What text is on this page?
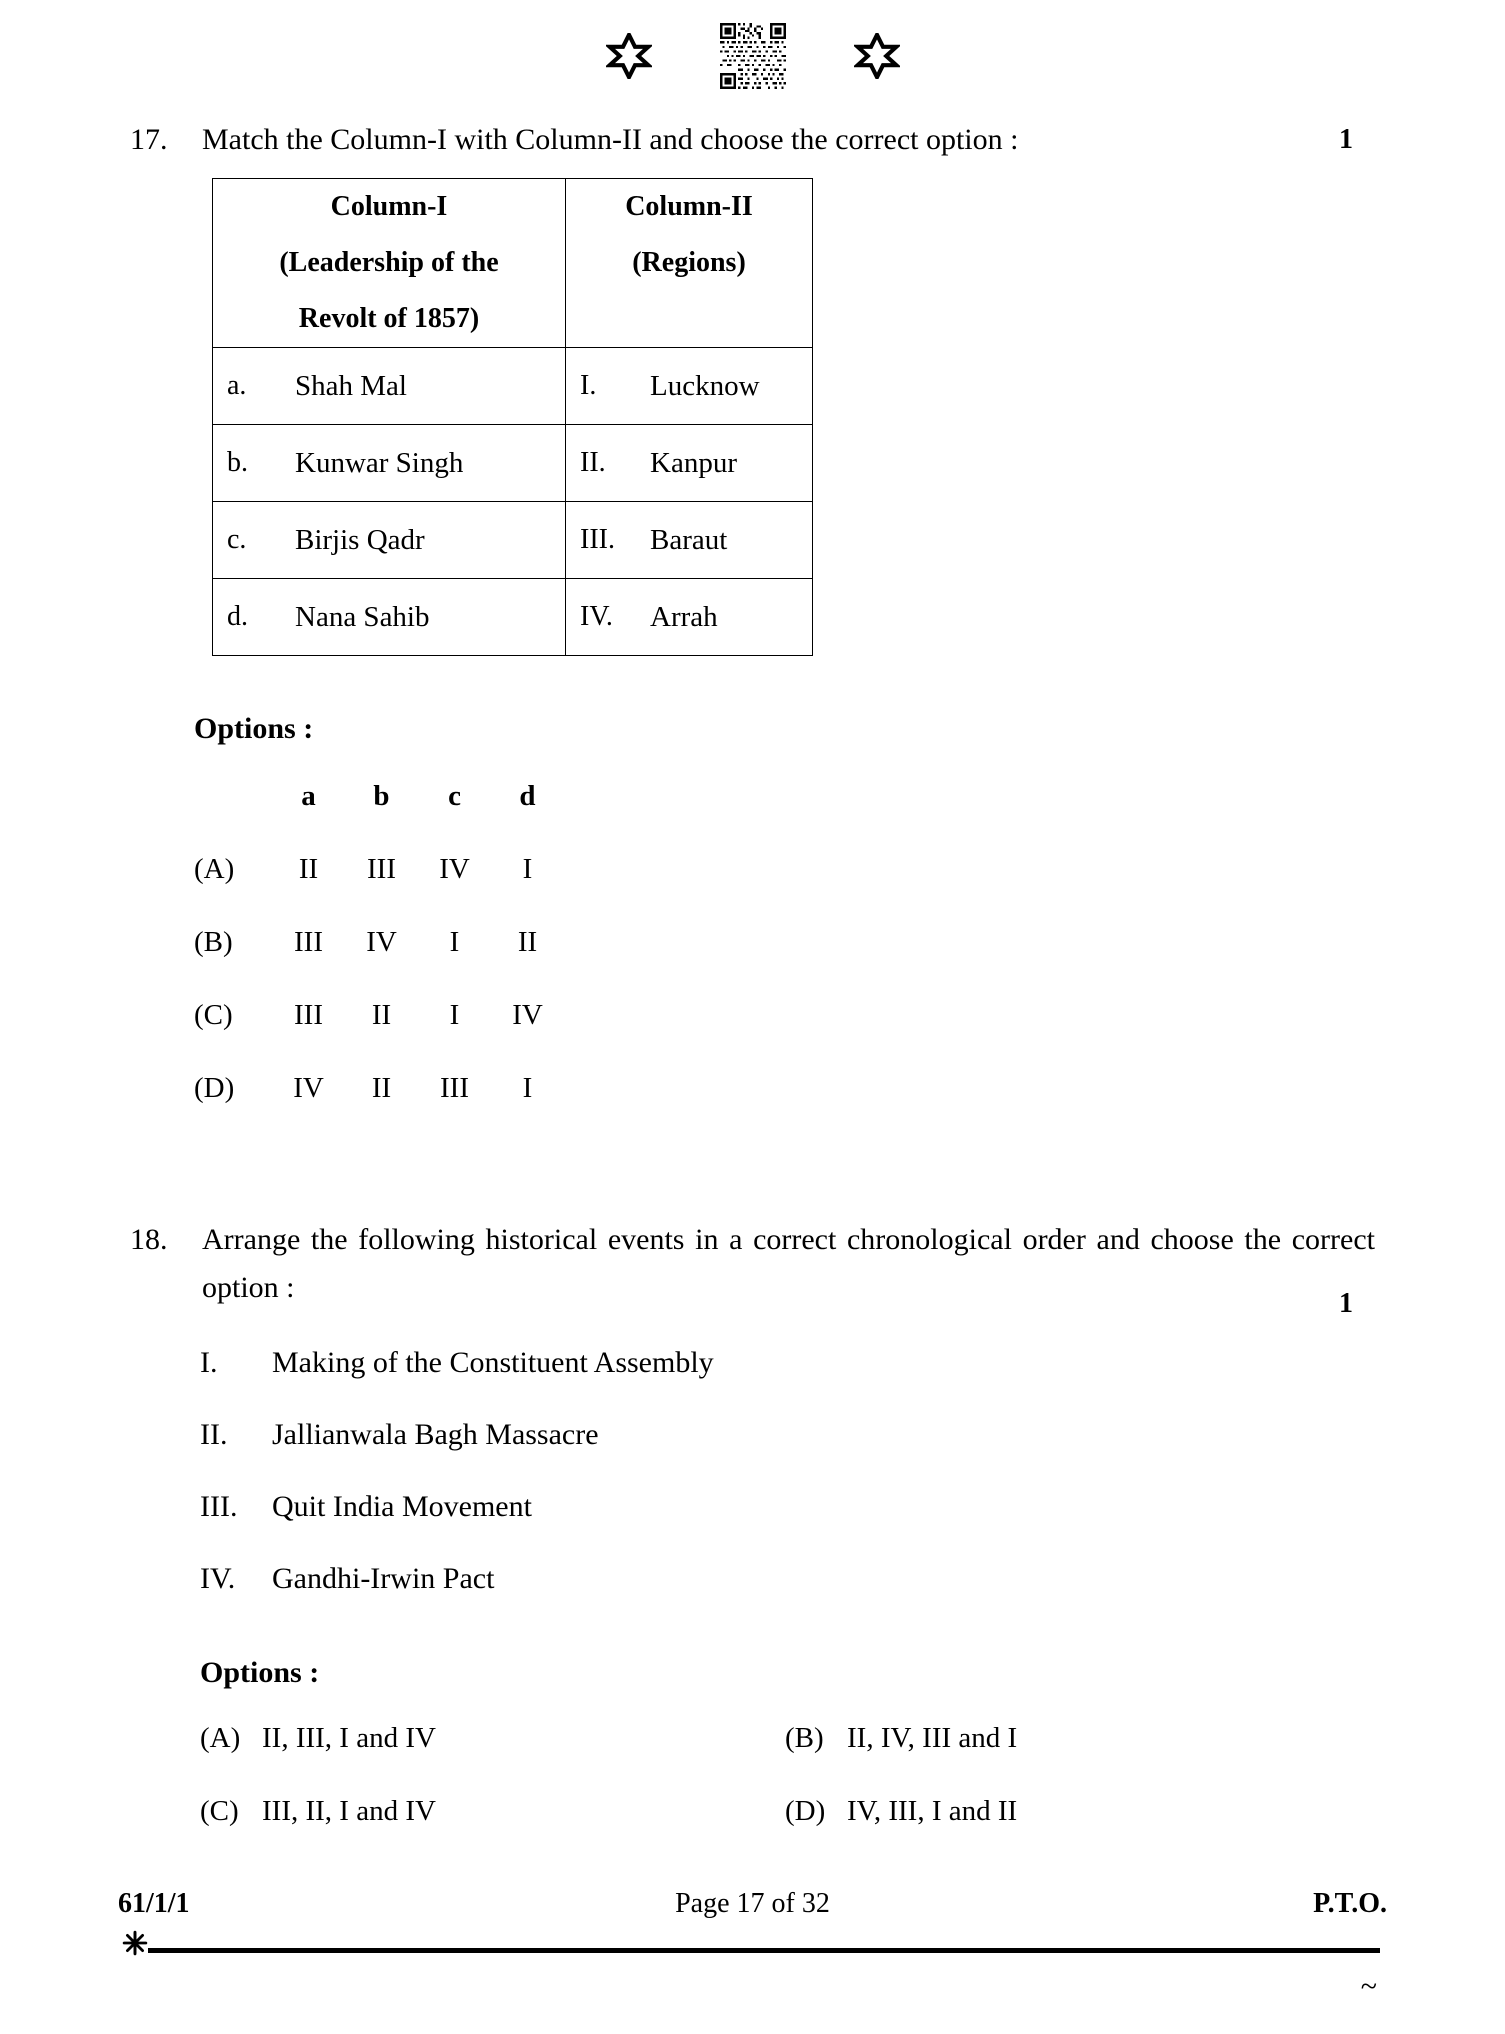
17.	Match the Column-I with Column-II and choose the correct option :	1
Column-I
(Leadership of the
Revolt of 1857)	Column-II
(Regions)

a. Shah Mal	I. Lucknow

b. Kunwar Singh	II. Kanpur

c. Birjis Qadr	III. Baraut

d. Nana Sahib	IV. Arrah
Options :
a	b	c	d
(A)	II	III	IV	I
(B)	III	IV	I	II
(C)	III	II	I	IV
(D)	IV	II	III	I
18.	Arrange the following historical events in a correct chronological order and choose the correct option :	1
I.	Making of the Constituent Assembly
II.	Jallianwala Bagh Massacre
III.	Quit India Movement
IV.	Gandhi-Irwin Pact
Options :
(A) II, III, I and IV	(B) II, IV, III and I
(C) III, II, I and IV	(D) IV, III, I and II
61/1/1	Page 17 of 32	P.T.O.
~
